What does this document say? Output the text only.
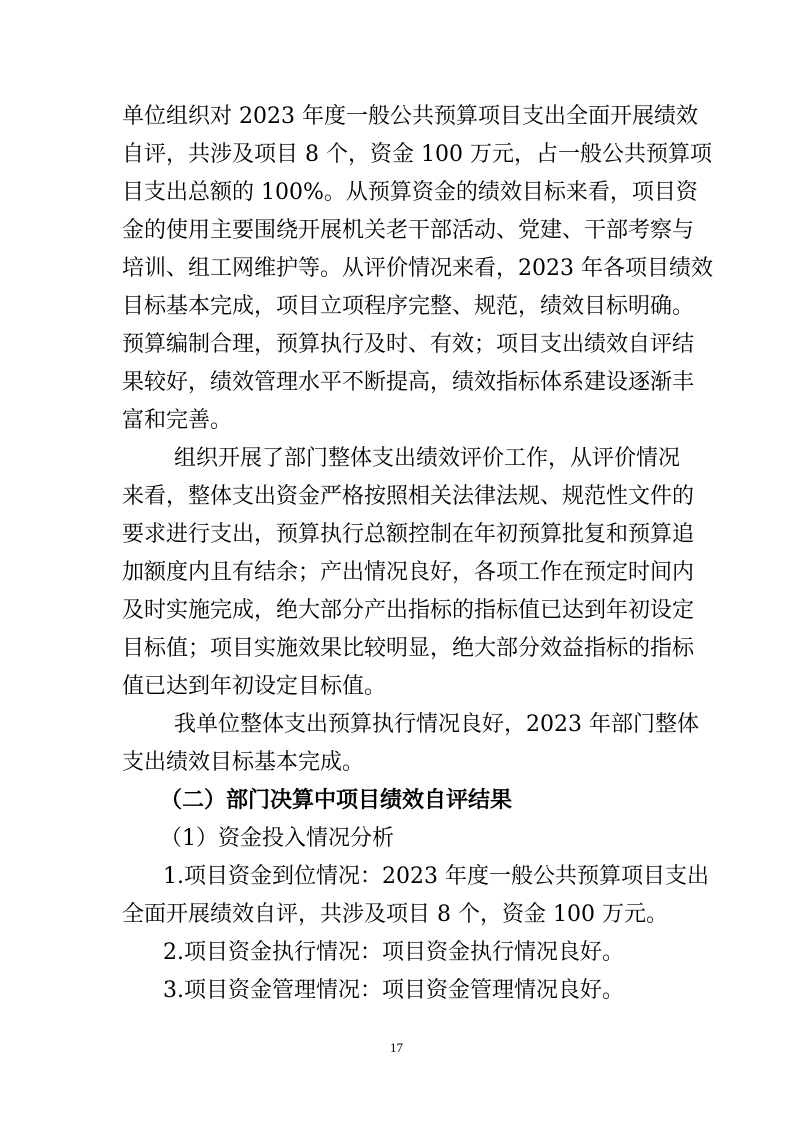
单位组织对 2023 年度一般公共预算项目支出全面开展绩效
自评，共涉及项目 8 个，资金 100 万元，占一般公共预算项
目支出总额的 100%。从预算资金的绩效目标来看，项目资
金的使用主要围绕开展机关老干部活动、党建、干部考察与
培训、组工网维护等。从评价情况来看，2023 年各项目绩效
目标基本完成，项目立项程序完整、规范，绩效目标明确。
预算编制合理，预算执行及时、有效；项目支出绩效自评结
果较好，绩效管理水平不断提高，绩效指标体系建设逐渐丰
富和完善。
组织开展了部门整体支出绩效评价工作，从评价情况
来看，整体支出资金严格按照相关法律法规、规范性文件的
要求进行支出，预算执行总额控制在年初预算批复和预算追
加额度内且有结余；产出情况良好，各项工作在预定时间内
及时实施完成，绝大部分产出指标的指标值已达到年初设定
目标值；项目实施效果比较明显，绝大部分效益指标的指标
值已达到年初设定目标值。
我单位整体支出预算执行情况良好，2023 年部门整体
支出绩效目标基本完成。
（二）部门决算中项目绩效自评结果
（1）资金投入情况分析
1.项目资金到位情况：2023 年度一般公共预算项目支出
全面开展绩效自评，共涉及项目 8 个，资金 100 万元。
2.项目资金执行情况：项目资金执行情况良好。
3.项目资金管理情况：项目资金管理情况良好。
17
